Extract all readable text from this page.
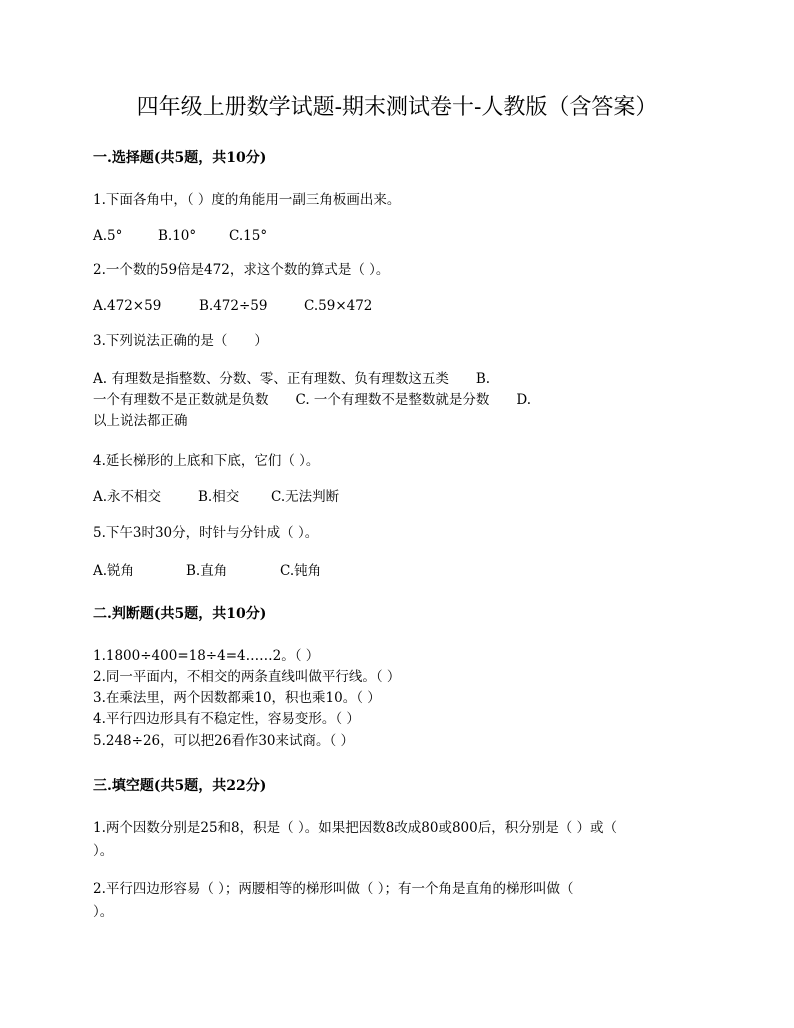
四年级上册数学试题-期末测试卷十-人教版（含答案）
一.选择题(共5题，共10分)
1.下面各角中，（ ）度的角能用一副三角板画出来。
A.5°	B.10° C.15°
2.一个数的59倍是472，求这个数的算式是（ ）。
A.472×59	B.472÷59	C.59×472
3.下列说法正确的是（　　）
A. 有理数是指整数、分数、零、正有理数、负有理数这五类　　B.
一个有理数不是正数就是负数　　C. 一个有理数不是整数就是分数　　D.
以上说法都正确
4.延长梯形的上底和下底，它们（ ）。
A.永不相交	B.相交 C.无法判断
5.下午3时30分，时针与分针成（ ）。
A.锐角	B.直角	C.钝角
二.判断题(共5题，共10分)
1.1800÷400=18÷4=4……2。（ ）
2.同一平面内，不相交的两条直线叫做平行线。（ ）
3.在乘法里，两个因数都乘10，积也乘10。（ ）
4.平行四边形具有不稳定性，容易变形。（ ）
5.248÷26，可以把26看作30来试商。（ ）
三.填空题(共5题，共22分)
1.两个因数分别是25和8，积是（ ）。如果把因数8改成80或800后，积分别是（ ）或（
）。
2.平行四边形容易（ ）；两腰相等的梯形叫做（ ）；有一个角是直角的梯形叫做（
）。
